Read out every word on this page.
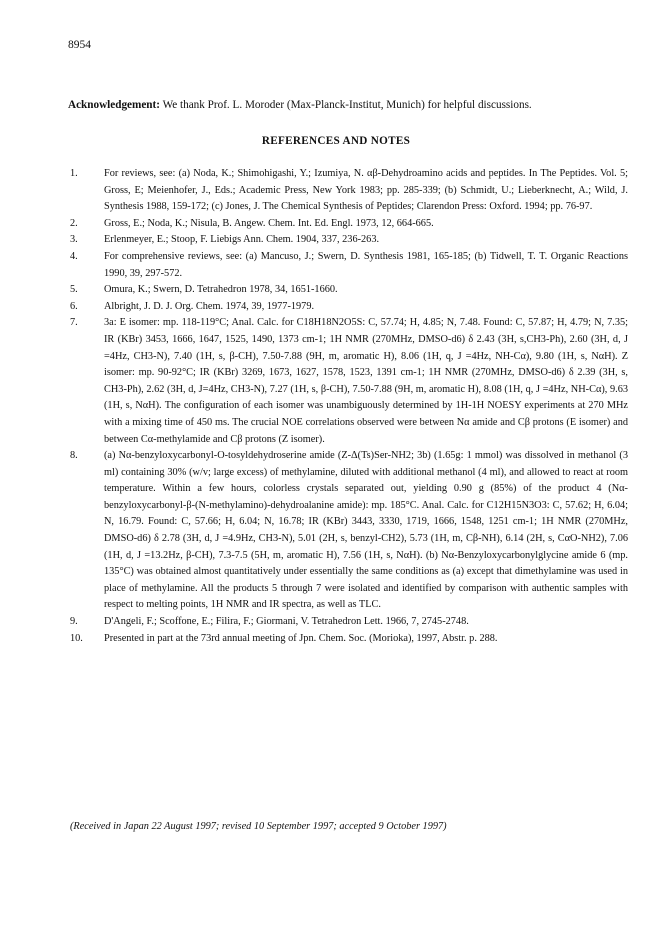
8954
Acknowledgement: We thank Prof. L. Moroder (Max-Planck-Institut, Munich) for helpful discussions.
REFERENCES AND NOTES
1.	For reviews, see: (a) Noda, K.; Shimohigashi, Y.; Izumiya, N. αβ-Dehydroamino acids and peptides. In The Peptides. Vol. 5; Gross, E; Meienhofer, J., Eds.; Academic Press, New York 1983; pp. 285-339; (b) Schmidt, U.; Lieberknecht, A.; Wild, J. Synthesis 1988, 159-172; (c) Jones, J. The Chemical Synthesis of Peptides; Clarendon Press: Oxford. 1994; pp. 76-97.
2.	Gross, E.; Noda, K.; Nisula, B. Angew. Chem. Int. Ed. Engl. 1973, 12, 664-665.
3.	Erlenmeyer, E.; Stoop, F. Liebigs Ann. Chem. 1904, 337, 236-263.
4.	For comprehensive reviews, see: (a) Mancuso, J.; Swern, D. Synthesis 1981, 165-185; (b) Tidwell, T. T. Organic Reactions 1990, 39, 297-572.
5.	Omura, K.; Swern, D. Tetrahedron 1978, 34, 1651-1660.
6.	Albright, J. D. J. Org. Chem. 1974, 39, 1977-1979.
7.	3a: E isomer: mp. 118-119°C; Anal. Calc. for C18H18N2O5S: C, 57.74; H, 4.85; N, 7.48. Found: C, 57.87; H, 4.79; N, 7.35; IR (KBr) 3453, 1666, 1647, 1525, 1490, 1373 cm-1; 1H NMR (270MHz, DMSO-d6) δ 2.43 (3H, s,CH3-Ph), 2.60 (3H, d, J =4Hz, CH3-N), 7.40 (1H, s, β-CH), 7.50-7.88 (9H, m, aromatic H), 8.06 (1H, q, J =4Hz, NH-Cα), 9.80 (1H, s, NαH). Z isomer: mp. 90-92°C; IR (KBr) 3269, 1673, 1627, 1578, 1523, 1391 cm-1; 1H NMR (270MHz, DMSO-d6) δ 2.39 (3H, s, CH3-Ph), 2.62 (3H, d, J=4Hz, CH3-N), 7.27 (1H, s, β-CH), 7.50-7.88 (9H, m, aromatic H), 8.08 (1H, q, J =4Hz, NH-Cα), 9.63 (1H, s, NαH). The configuration of each isomer was unambiguously determined by 1H-1H NOESY experiments at 270 MHz with a mixing time of 450 ms. The crucial NOE correlations observed were between Nα amide and Cβ protons (E isomer) and between Cα-methylamide and Cβ protons (Z isomer).
8.	(a) Nα-benzyloxycarbonyl-O-tosyldehydroserine amide (Z-Δ(Ts)Ser-NH2; 3b) (1.65g: 1 mmol) was dissolved in methanol (3 ml) containing 30% (w/v; large excess) of methylamine, diluted with additional methanol (4 ml), and allowed to react at room temperature. Within a few hours, colorless crystals separated out, yielding 0.90 g (85%) of the product 4 (Nα-benzyloxycarbonyl-β-(N-methylamino)-dehydroalanine amide): mp. 185°C. Anal. Calc. for C12H15N3O3: C, 57.62; H, 6.04; N, 16.79. Found: C, 57.66; H, 6.04; N, 16.78; IR (KBr) 3443, 3330, 1719, 1666, 1548, 1251 cm-1; 1H NMR (270MHz, DMSO-d6) δ 2.78 (3H, d, J =4.9Hz, CH3-N), 5.01 (2H, s, benzyl-CH2), 5.73 (1H, m, Cβ-NH), 6.14 (2H, s, CαO-NH2), 7.06 (1H, d, J =13.2Hz, β-CH), 7.3-7.5 (5H, m, aromatic H), 7.56 (1H, s, NαH). (b) Nα-Benzyloxycarbonylglycine amide 6 (mp. 135°C) was obtained almost quantitatively under essentially the same conditions as (a) except that dimethylamine was used in place of methylamine. All the products 5 through 7 were isolated and identified by comparison with authentic samples with respect to melting points, 1H NMR and IR spectra, as well as TLC.
9.	D'Angeli, F.; Scoffone, E.; Filira, F.; Giormani, V. Tetrahedron Lett. 1966, 7, 2745-2748.
10.	Presented in part at the 73rd annual meeting of Jpn. Chem. Soc. (Morioka), 1997, Abstr. p. 288.
(Received in Japan 22 August 1997; revised 10 September 1997; accepted 9 October 1997)
